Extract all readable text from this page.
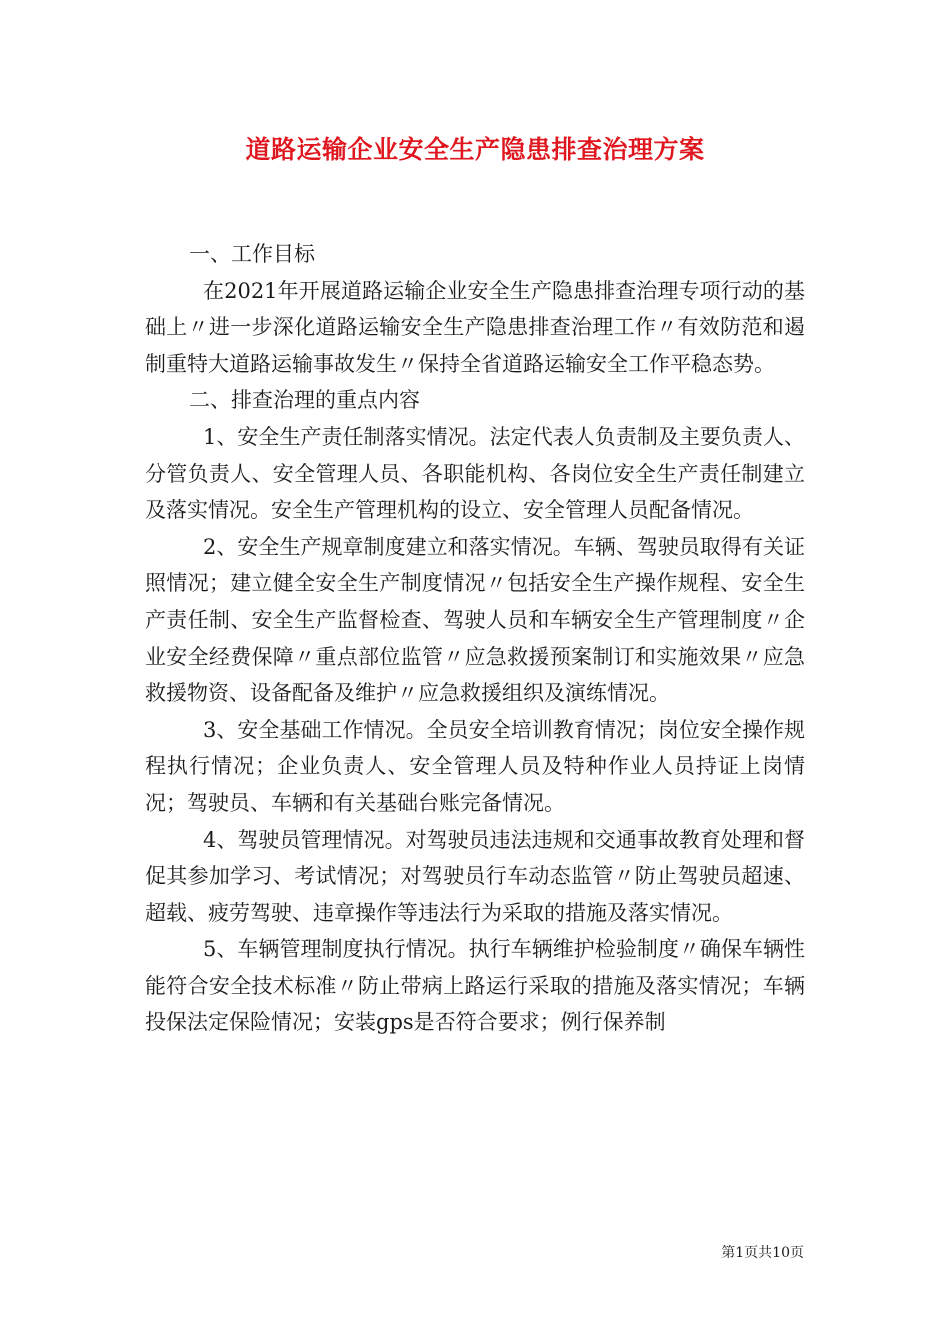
道路运输企业安全生产隐患排查治理方案

一、工作目标

在2021年开展道路运输企业安全生产隐患排查治理专项行动的基础上〃进一步深化道路运输安全生产隐患排查治理工作〃有效防范和遏制重特大道路运输事故发生〃保持全省道路运输安全工作平稳态势。

二、排查治理的重点内容

1、安全生产责任制落实情况。法定代表人负责制及主要负责人、分管负责人、安全管理人员、各职能机构、各岗位安全生产责任制建立及落实情况。安全生产管理机构的设立、安全管理人员配备情况。

2、安全生产规章制度建立和落实情况。车辆、驾驶员取得有关证照情况；建立健全安全生产制度情况〃包括安全生产操作规程、安全生产责任制、安全生产监督检查、驾驶人员和车辆安全生产管理制度〃企业安全经费保障〃重点部位监管〃应急救援预案制订和实施效果〃应急救援物资、设备配备及维护〃应急救援组织及演练情况。

3、安全基础工作情况。全员安全培训教育情况；岗位安全操作规程执行情况；企业负责人、安全管理人员及特种作业人员持证上岗情况；驾驶员、车辆和有关基础台账完备情况。

4、驾驶员管理情况。对驾驶员违法违规和交通事故教育处理和督促其参加学习、考试情况；对驾驶员行车动态监管〃防止驾驶员超速、超载、疲劳驾驶、违章操作等违法行为采取的措施及落实情况。

5、车辆管理制度执行情况。执行车辆维护检验制度〃确保车辆性能符合安全技术标准〃防止带病上路运行采取的措施及落实情况；车辆投保法定保险情况；安装gps是否符合要求；例行保养制

第1页共10页
